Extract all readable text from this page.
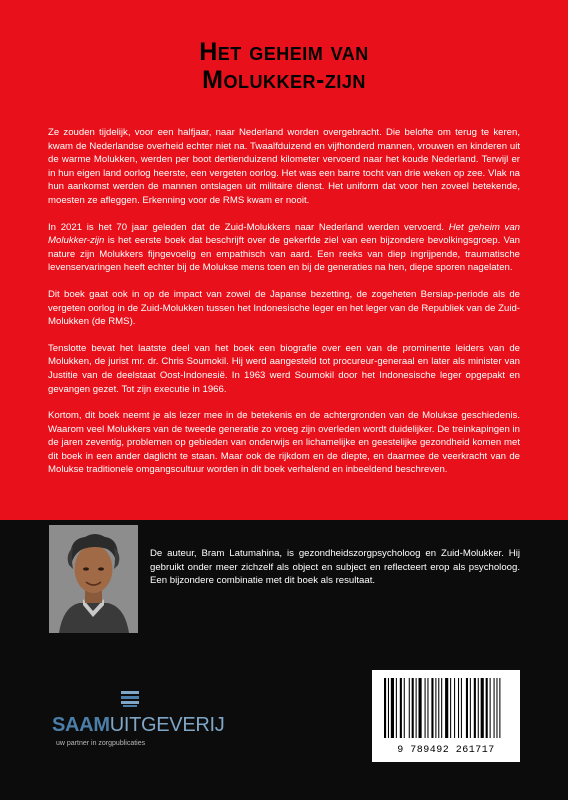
Het geheim van
Molukker-zijn

Ze zouden tijdelijk, voor een halfjaar, naar Nederland worden overgebracht. Die belofte om terug te keren, kwam de Nederlandse overheid echter niet na. Twaalfduizend en vijfhonderd mannen, vrouwen en kinderen uit de warme Molukken, werden per boot dertienduizend kilometer vervoerd naar het koude Nederland. Terwijl er in hun eigen land oorlog heerste, een vergeten oorlog. Het was een barre tocht van drie weken op zee. Vlak na hun aankomst werden de mannen ontslagen uit militaire dienst. Het uniform dat voor hen zoveel betekende, moesten ze afleggen. Erkenning voor de RMS kwam er nooit.

In 2021 is het 70 jaar geleden dat de Zuid-Molukkers naar Nederland werden vervoerd. Het geheim van Molukker-zijn is het eerste boek dat beschrijft over de gekerfde ziel van een bijzondere bevolkingsgroep. Van nature zijn Molukkers fijngevoelig en empathisch van aard. Een reeks van diep ingrijpende, traumatische levenservaringen heeft echter bij de Molukse mens toen en bij de generaties na hen, diepe sporen nagelaten.

Dit boek gaat ook in op de impact van zowel de Japanse bezetting, de zogeheten Bersiap-periode als de vergeten oorlog in de Zuid-Molukken tussen het Indonesische leger en het leger van de Republiek van de Zuid-Molukken (de RMS).

Tenslotte bevat het laatste deel van het boek een biografie over een van de prominente leiders van de Molukken, de jurist mr. dr. Chris Soumokil. Hij werd aangesteld tot procureur-generaal en later als minister van Justitie van de deelstaat Oost-Indonesië. In 1963 werd Soumokil door het Indonesische leger opgepakt en gevangen gezet. Tot zijn executie in 1966.

Kortom, dit boek neemt je als lezer mee in de betekenis en de achtergronden van de Molukse geschiedenis. Waarom veel Molukkers van de tweede generatie zo vroeg zijn overleden wordt duidelijker. De treinkapingen in de jaren zeventig, problemen op gebieden van onderwijs en lichamelijke en geestelijke gezondheid komen met dit boek in een ander daglicht te staan. Maar ook de rijkdom en de diepte, en daarmee de veerkracht van de Molukse traditionele omgangscultuur worden in dit boek verhalend en inbeeldend beschreven.

De auteur, Bram Latumahina, is gezondheidszorgpsycholoog en Zuid-Molukker. Hij gebruikt onder meer zichzelf als object en subject en reflecteert erop als psycholoog. Een bijzondere combinatie met dit boek als resultaat.
SAAMUITGEVERIJ
uw partner in zorgpublicaties
9 789492 261717
